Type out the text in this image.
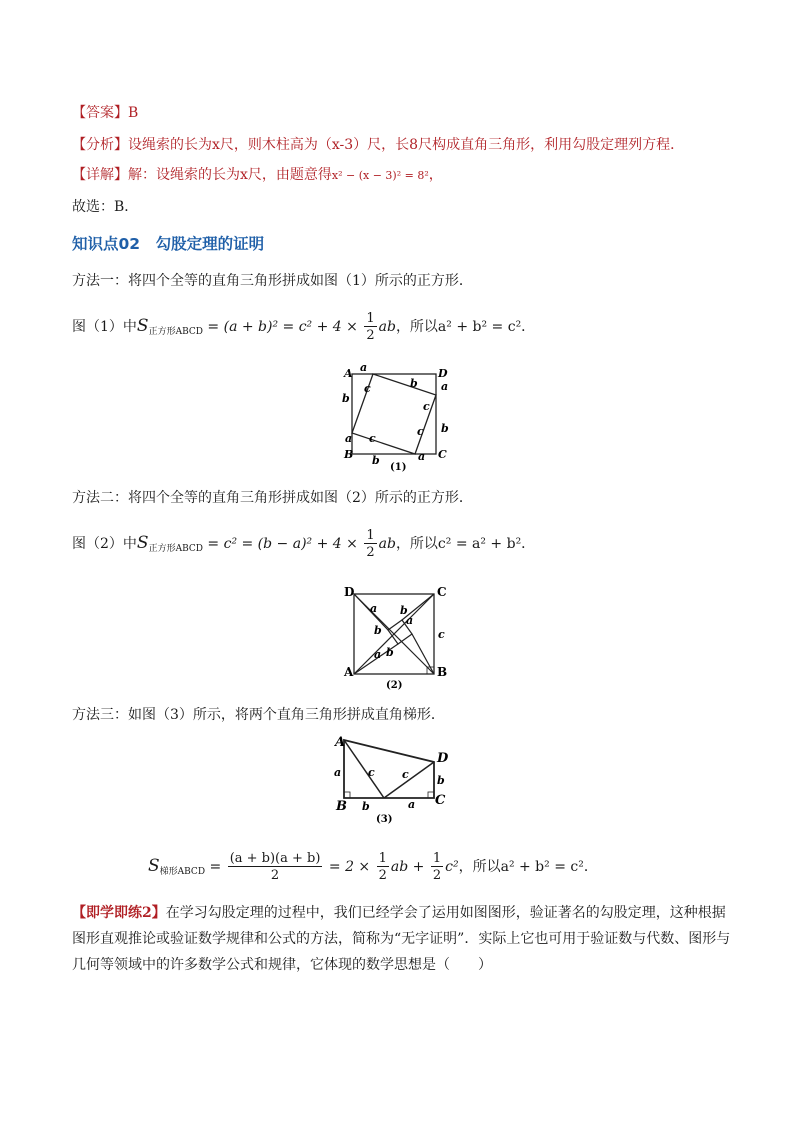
【答案】B
【分析】设绳索的长为x尺，则木柱高为（x-3）尺，长8尺构成直角三角形，利用勾股定理列方程．
【详解】解：设绳索的长为x尺，由题意得x² − (x − 3)² = 8²，
故选：B．
知识点02　勾股定理的证明
方法一：将四个全等的直角三角形拼成如图（1）所示的正方形．
图（1）中$S_{正方形ABCD} = (a + b)^2 = c^2 + 4 \times \frac{1}{2}$ ab，所以a² + b² = c²．
A	D
B	C
a
b a
b
b
a
b	a
c
c
c
c
(1)
方法二：将四个全等的直角三角形拼成如图（2）所示的正方形．
图（2）中$S_{正方形ABCD} = c^2 = (b - a)^2 + 4 \times \frac{1}{2}$ ab，所以c² = a² + b²．
D	C
A	B
a b
b
a
b
a
c
(2)
方法三：如图（3）所示，将两个直角三角形拼成直角梯形．
A
D
B	C
a c c	b
b	a
(3)
$S_{梯形ABCD} = \frac{(a + b)(a + b)}{2} = 2 \times \frac{1}{2}$ ab + $\frac{1}{2} c^2$，所以a² + b² = c²．
【即学即练2】在学习勾股定理的过程中，我们已经学会了运用如图图形，验证著名的勾股定理，这种根据图形直观推论或验证数学规律和公式的方法，简称为“无字证明”．实际上它也可用于验证数与代数、图形与几何等领域中的许多数学公式和规律，它体现的数学思想是（　　）
